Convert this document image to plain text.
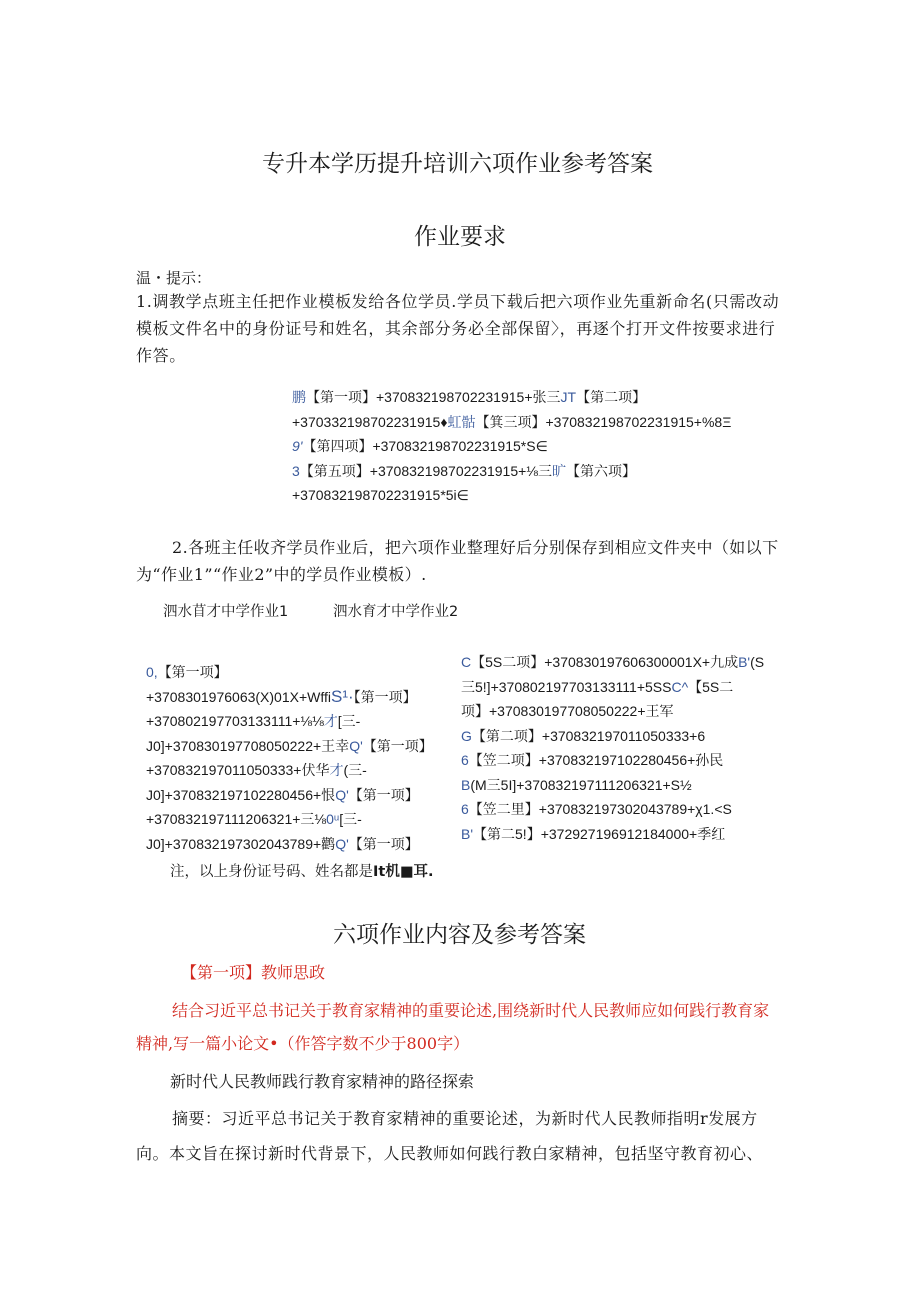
专升本学历提升培训六项作业参考答案
作业要求
温・提示：
1.调教学点班主任把作业模板发给各位学员.学员下载后把六项作业先重新命名(只需改动模板文件名中的身份证号和姓名，其余部分务必全部保留〉，再逐个打开文件按要求进行作答。
鹏【第一项】+370832198702231915+张三JT【第二项】
+370332198702231915♦虹骷【箕三项】+370832198702231915+%8Ξ
9'【第四项】+370832198702231915*S∈
3【第五项】+370832198702231915+⅛三旷【第六项】
+370832198702231915*5i∈
2.各班主任收齐学员作业后，把六项作业整理好后分别保存到相应文件夹中（如以下为“作业1”“作业2”中的学员作业模板）.
泗水苜才中学作业1	泗水育才中学作业2
0,【第一项】
+3708301976063(X)01X+WffiS¹·【第一项】
+370802197703133111+⅛⅛才[三-
J0]+370830197708050222+王幸Q'【第一项】
+370832197011050333+伏华才(三-
J0]+370832197102280456+恨Q'【第一项】
+370832197111206321+三⅛0ᵘ[三-
J0]+370832197302043789+鹳Q'【第一项】
C【5S二项】+370830197606300001X+九成B'(S
三5!]+370802197703133111+5SSC^【5S二
项】+370830197708050222+王军
G【第二项】+370832197011050333+6
6【笠二项】+370832197102280456+孙民
B(M三5I]+370832197111206321+S½
6【笠二里】+370832197302043789+χ1.<S
B'【第二5!】+372927196912184000+季红
注，以上身份证号码、姓名都是It机■耳.
六项作业内容及参考答案
【第一项】教师思政
结合习近平总书记关于教育家精神的重要论述,围绕新时代人民教师应如何践行教育家精神,写一篇小论文•（作答字数不少于800字）
新时代人民教师践行教育家精神的路径探索
摘要：习近平总书记关于教育家精神的重要论述，为新时代人民教师指明r发展方向。本文旨在探讨新时代背景下，人民教师如何践行教白家精神，包括坚守教育初心、
